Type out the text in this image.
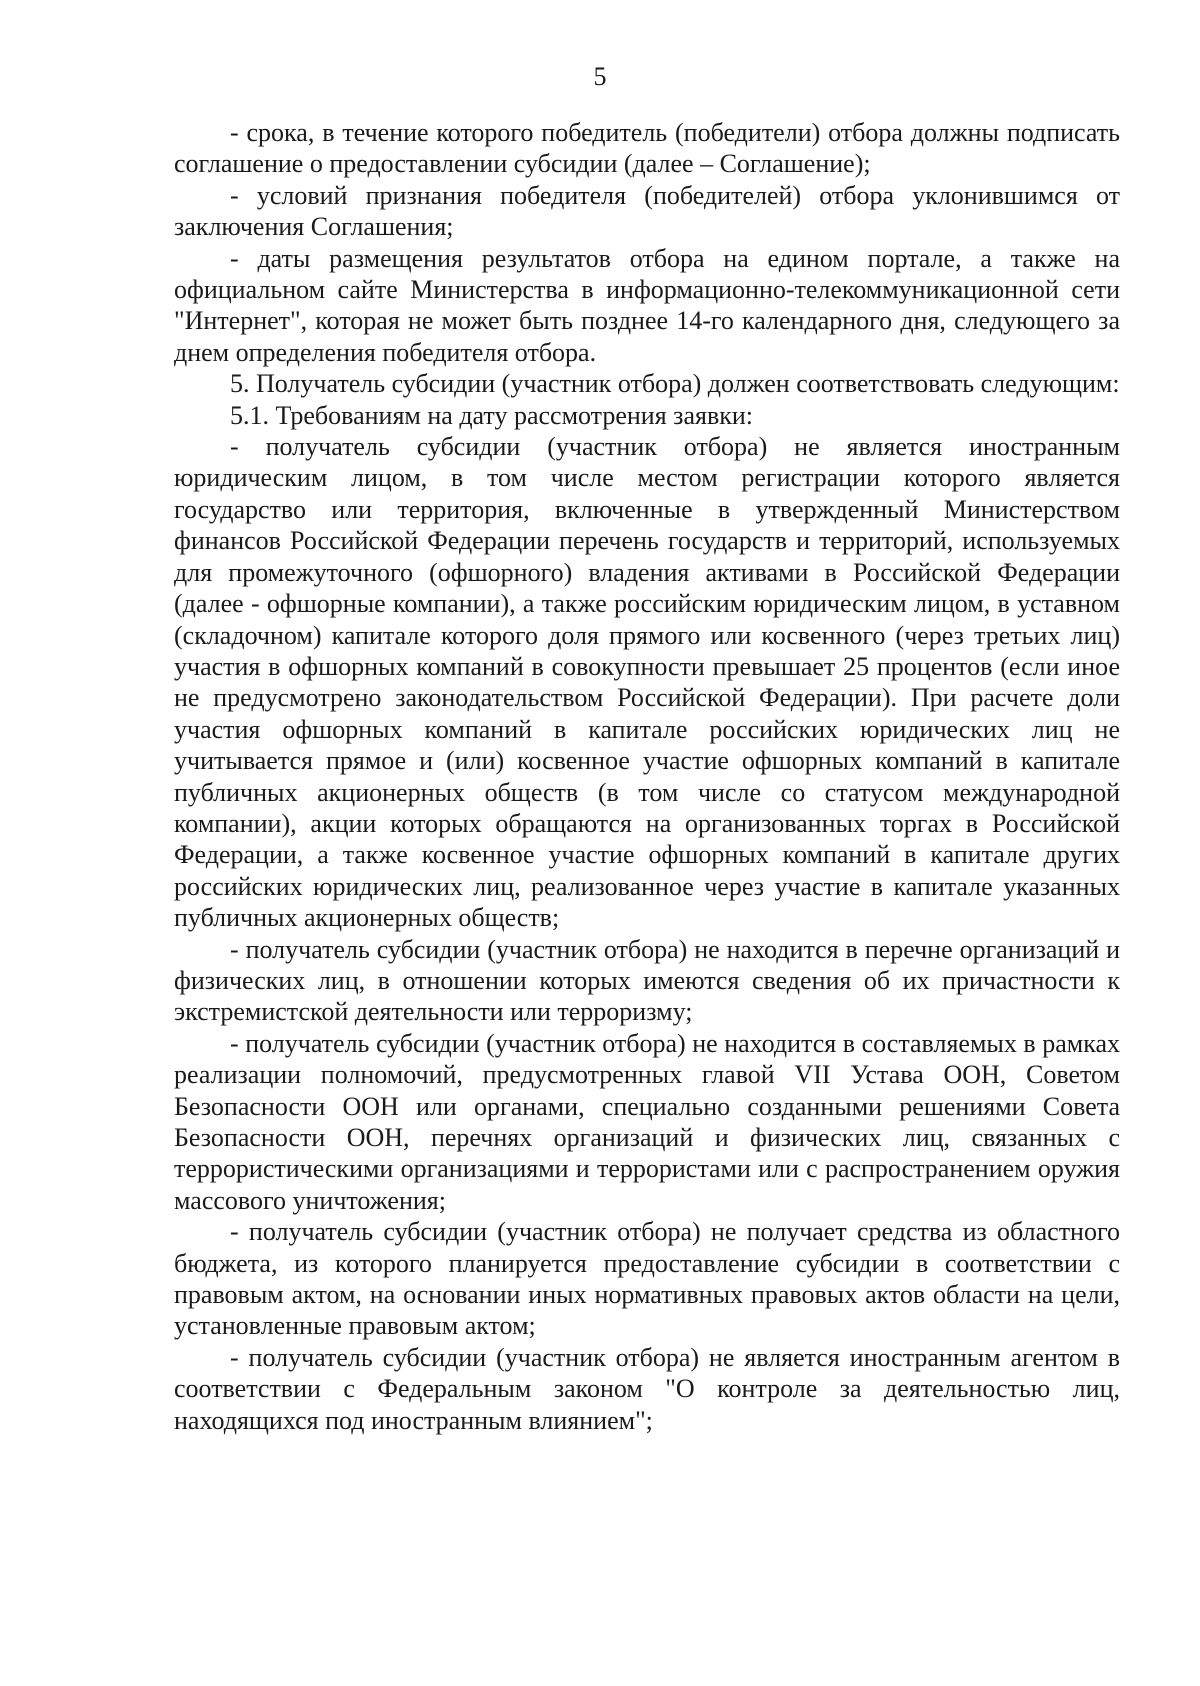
5

- срока, в течение которого победитель (победители) отбора должны подписать соглашение о предоставлении субсидии (далее – Соглашение);

- условий признания победителя (победителей) отбора уклонившимся от заключения Соглашения;

- даты размещения результатов отбора на едином портале, а также на официальном сайте Министерства в информационно-телекоммуникационной сети "Интернет", которая не может быть позднее 14-го календарного дня, следующего за днем определения победителя отбора.

5. Получатель субсидии (участник отбора) должен соответствовать следующим:

5.1. Требованиям на дату рассмотрения заявки:

- получатель субсидии (участник отбора) не является иностранным юридическим лицом, в том числе местом регистрации которого является государство или территория, включенные в утвержденный Министерством финансов Российской Федерации перечень государств и территорий, используемых для промежуточного (офшорного) владения активами в Российской Федерации (далее - офшорные компании), а также российским юридическим лицом, в уставном (складочном) капитале которого доля прямого или косвенного (через третьих лиц) участия в офшорных компаний в совокупности превышает 25 процентов (если иное не предусмотрено законодательством Российской Федерации). При расчете доли участия офшорных компаний в капитале российских юридических лиц не учитывается прямое и (или) косвенное участие офшорных компаний в капитале публичных акционерных обществ (в том числе со статусом международной компании), акции которых обращаются на организованных торгах в Российской Федерации, а также косвенное участие офшорных компаний в капитале других российских юридических лиц, реализованное через участие в капитале указанных публичных акционерных обществ;

- получатель субсидии (участник отбора) не находится в перечне организаций и физических лиц, в отношении которых имеются сведения об их причастности к экстремистской деятельности или терроризму;

- получатель субсидии (участник отбора) не находится в составляемых в рамках реализации полномочий, предусмотренных главой VII Устава ООН, Советом Безопасности ООН или органами, специально созданными решениями Совета Безопасности ООН, перечнях организаций и физических лиц, связанных с террористическими организациями и террористами или с распространением оружия массового уничтожения;

- получатель субсидии (участник отбора) не получает средства из областного бюджета, из которого планируется предоставление субсидии в соответствии с правовым актом, на основании иных нормативных правовых актов области на цели, установленные правовым актом;

- получатель субсидии (участник отбора) не является иностранным агентом в соответствии с Федеральным законом "О контроле за деятельностью лиц, находящихся под иностранным влиянием";
